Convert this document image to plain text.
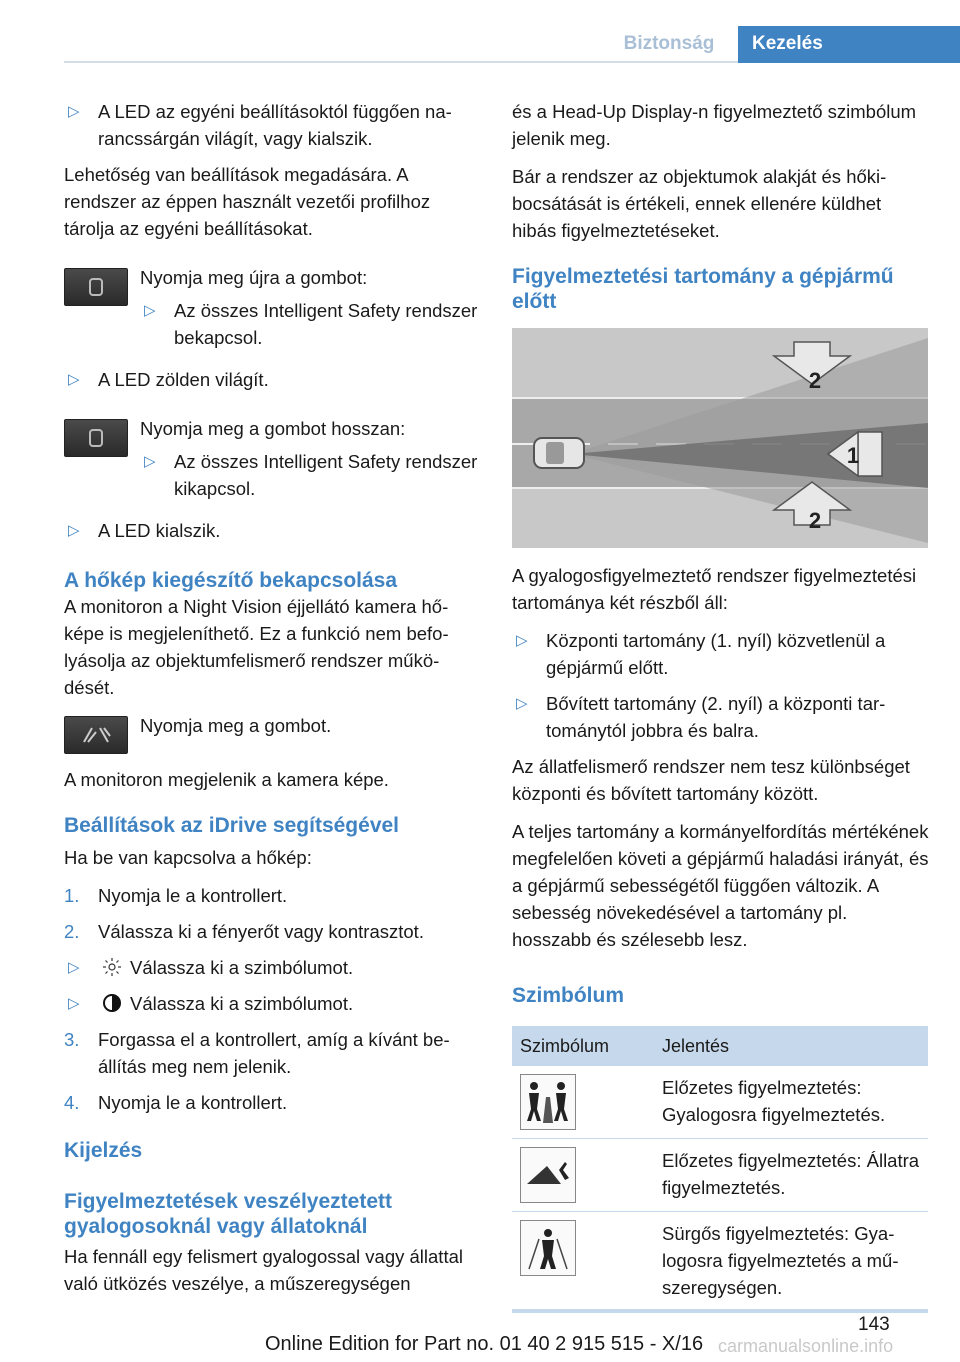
Biztonság	Kezelés
▷ A LED az egyéni beállításoktól függően narancssárgán világít, vagy kialszik.

Lehetőség van beállítások megadására. A rendszer az éppen használt vezetői profilhoz tárolja az egyéni beállításokat.

Nyomja meg újra a gombot:
▷ Az összes Intelligent Safety rendszer bekapcsol.
▷ A LED zölden világít.
Nyomja meg a gombot hosszan:
▷ Az összes Intelligent Safety rendszer kikapcsol.
▷ A LED kialszik.
A hőkép kiegészítő bekapcsolása

A monitoron a Night Vision éjjellátó kamera hőképe is megjeleníthető. Ez a funkció nem befolyásolja az objektumfelismerő rendszer működését.

Nyomja meg a gombot.

A monitoron megjelenik a kamera képe.

Beállítások az iDrive segítségével

Ha be van kapcsolva a hőkép:

1. Nyomja le a kontrollert.
2. Válassza ki a fényerőt vagy kontrasztot.
▷	Válassza ki a szimbólumot.
▷	Válassza ki a szimbólumot.
3. Forgassa el a kontrollert, amíg a kívánt beállítás meg nem jelenik.
4. Nyomja le a kontrollert.
Kijelzés
Figyelmeztetések veszélyeztetett gyalogosoknál vagy állatoknál

Ha fennáll egy felismert gyalogossal vagy állattal való ütközés veszélye, a műszeregységen

és a Head-Up Display-n figyelmeztető szimbólum jelenik meg.

Bár a rendszer az objektumok alakját és hőkibocsátását is értékeli, ennek ellenére küldhet hibás figyelmeztetéseket.

Figyelmeztetési tartomány a gépjármű előtt
2
1
2

A gyalogosfigyelmeztető rendszer figyelmeztetési tartománya két részből áll:

▷ Központi tartomány (1. nyíl) közvetlenül a gépjármű előtt.
▷ Bővített tartomány (2. nyíl) a központi tartománytól jobbra és balra.

Az állatfelismerő rendszer nem tesz különbséget központi és bővített tartomány között.

A teljes tartomány a kormányelfordítás mértékének megfelelően követi a gépjármű haladási irányát, és a gépjármű sebességétől függően változik. A sebesség növekedésével a tartomány pl. hosszabb és szélesebb lesz.

Szimbólum
Szimbólum	Jelentés

	Előzetes figyelmeztetés: Gyalogosra figyelmeztetés.

	Előzetes figyelmeztetés: Állatra figyelmeztetés.

	Sürgős figyelmeztetés: Gyalogosra figyelmeztetés a műszeregységen.
143
Online Edition for Part no. 01 40 2 915 515 - X/16 carmanualsonline.info
